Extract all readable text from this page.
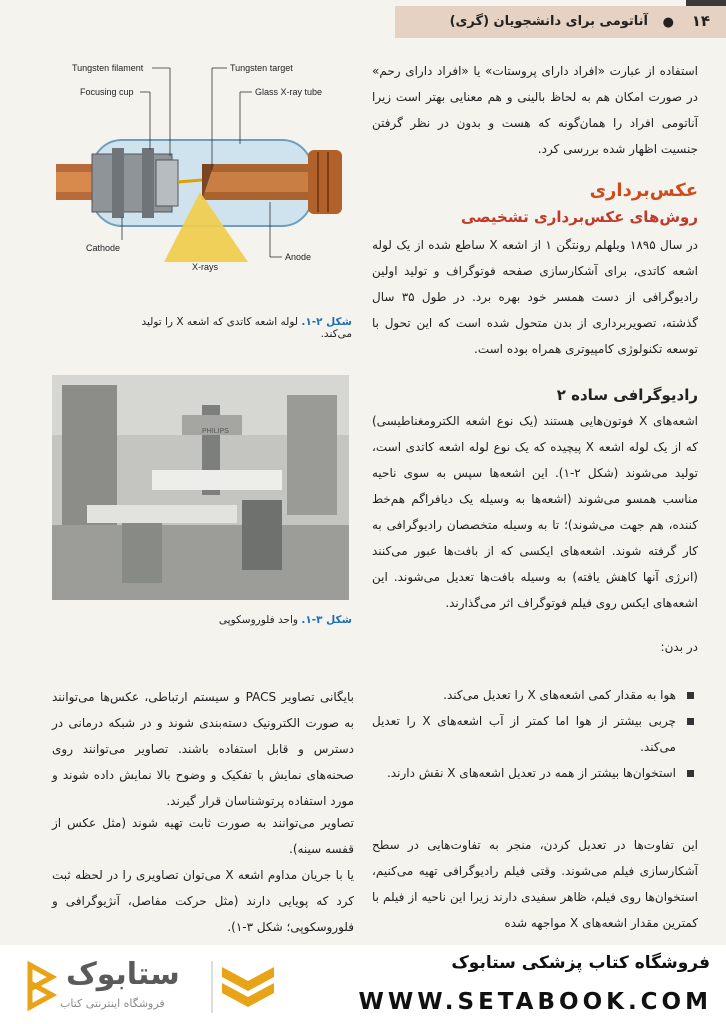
۱۴
●
آناتومی برای دانشجویان (گری)
استفاده از عبارت «افراد دارای پروستات» یا «افراد دارای رحم» در صورت امکان هم به لحاظ بالینی و هم معنایی بهتر است زیرا آناتومی افراد را همان‌گونه که هست و بدون در نظر گرفتن جنسیت اظهار شده بررسی کرد.
عکس‌برداری
روش‌های عکس‌برداری تشخیصی
در سال ۱۸۹۵ ویلهلم رونتگن ۱ از اشعه X ساطع شده از یک لوله اشعه کاتدی، برای آشکارسازی صفحه فوتوگراف و تولید اولین رادیوگرافی از دست همسر خود بهره برد. در طول ۳۵ سال گذشته، تصویربرداری از بدن متحول شده است که این تحول با توسعه تکنولوژی کامپیوتری همراه بوده است.
رادیوگرافی ساده ۲
اشعه‌های X فوتون‌هایی هستند (یک نوع اشعه الکترومغناطیسی) که از یک لوله اشعه X پیچیده که یک نوع لوله اشعه کاتدی است، تولید می‌شوند (شکل ۲-۱). این اشعه‌ها سپس به سوی ناحیه مناسب همسو می‌شوند (اشعه‌ها به وسیله یک دیافراگم هم‌خط کننده، هم جهت می‌شوند)؛ تا به وسیله متخصصان رادیوگرافی به کار گرفته شوند. اشعه‌های ایکسی که از بافت‌ها عبور می‌کنند (انرژی آنها کاهش یافته) به وسیله بافت‌ها تعدیل می‌شوند. این اشعه‌های ایکس روی فیلم فوتوگراف اثر می‌گذارند.
در بدن:
هوا به مقدار کمی اشعه‌های X را تعدیل می‌کند.
چربی بیشتر از هوا اما کمتر از آب اشعه‌های X را تعدیل می‌کند.
استخوان‌ها بیشتر از همه در تعدیل اشعه‌های X نقش دارند.
این تفاوت‌ها در تعدیل کردن، منجر به تفاوت‌هایی در سطح آشکارسازی فیلم می‌شوند. وقتی فیلم رادیوگرافی تهیه می‌کنیم، استخوان‌ها روی فیلم، ظاهر سفیدی دارند زیرا این ناحیه از فیلم با کمترین مقدار اشعه‌های X مواجهه شده
Tungsten filament	Tungsten target
Focusing cup	Glass X-ray tube
Cathode
Anode
X-rays
شکل ۲-۱. لوله اشعه کاتدی که اشعه X را تولید می‌کند.
PHILIPS
شکل ۳-۱. واحد فلوروسکوپی
بایگانی تصاویر PACS و سیستم ارتباطی، عکس‌ها می‌توانند به صورت الکترونیک دسته‌بندی شوند و در شبکه درمانی در دسترس و قابل استفاده باشند. تصاویر می‌توانند روی صحنه‌های نمایش با تفکیک و وضوح بالا نمایش داده شوند و مورد استفاده پرتوشناسان قرار گیرند.
تصاویر می‌توانند به صورت ثابت تهیه شوند (مثل عکس از قفسه سینه).
یا با جریان مداوم اشعه X می‌توان تصاویری را در لحظه ثبت کرد که پویایی دارند (مثل حرکت مفاصل، آنژیوگرافی و فلوروسکوپی؛ شکل ۳-۱).
ستابوک
فروشگاه اینترنتی کتاب
فروشگاه کتاب پزشکی ستابوک
WWW.SETABOOK.COM
